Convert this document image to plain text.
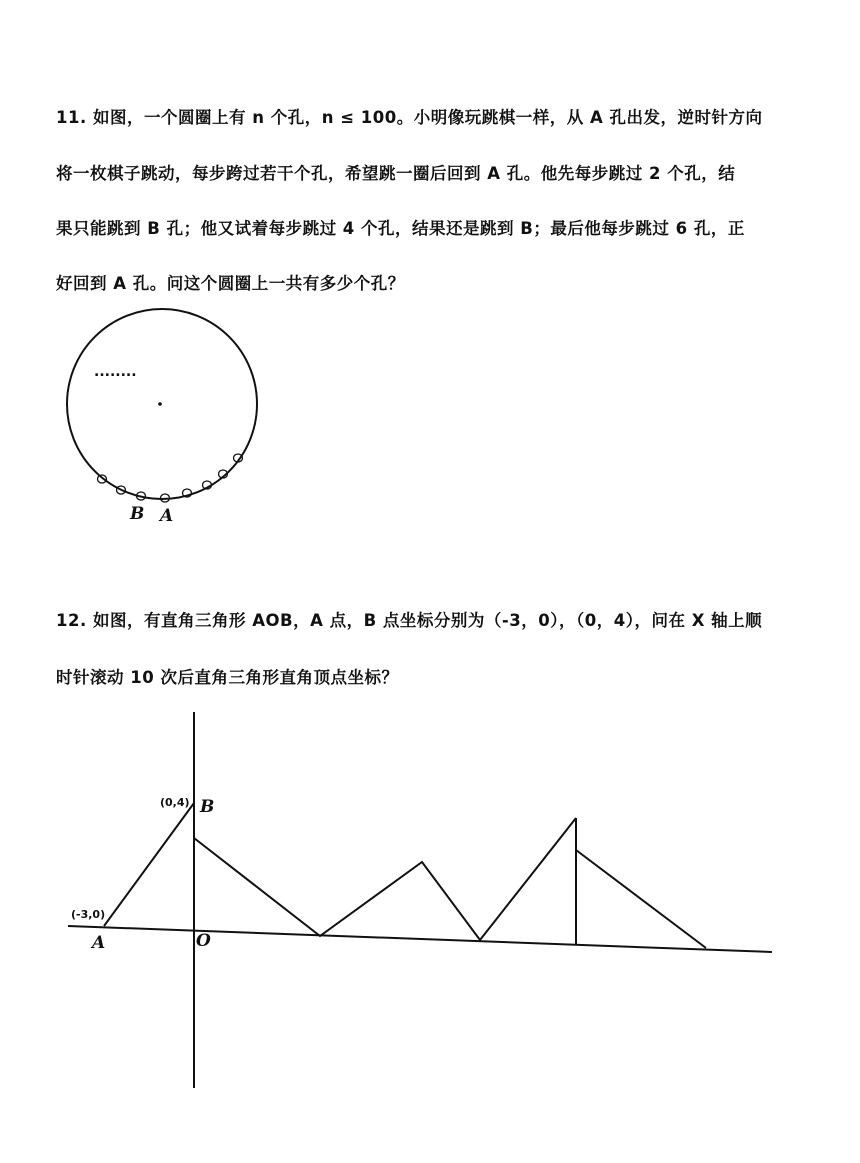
11. 如图，一个圆圈上有 n 个孔，n ≤ 100。小明像玩跳棋一样，从 A 孔出发，逆时针方向
将一枚棋子跳动，每步跨过若干个孔，希望跳一圈后回到 A 孔。他先每步跳过 2 个孔，结
果只能跳到 B 孔；他又试着每步跳过 4 个孔，结果还是跳到 B；最后他每步跳过 6 孔，正
好回到 A 孔。问这个圆圈上一共有多少个孔？
........
B A
12. 如图，有直角三角形 AOB，A 点，B 点坐标分别为（-3，0），（0，4），问在 X 轴上顺
时针滚动 10 次后直角三角形直角顶点坐标？
(0,4) B
(-3,0)
A	O
